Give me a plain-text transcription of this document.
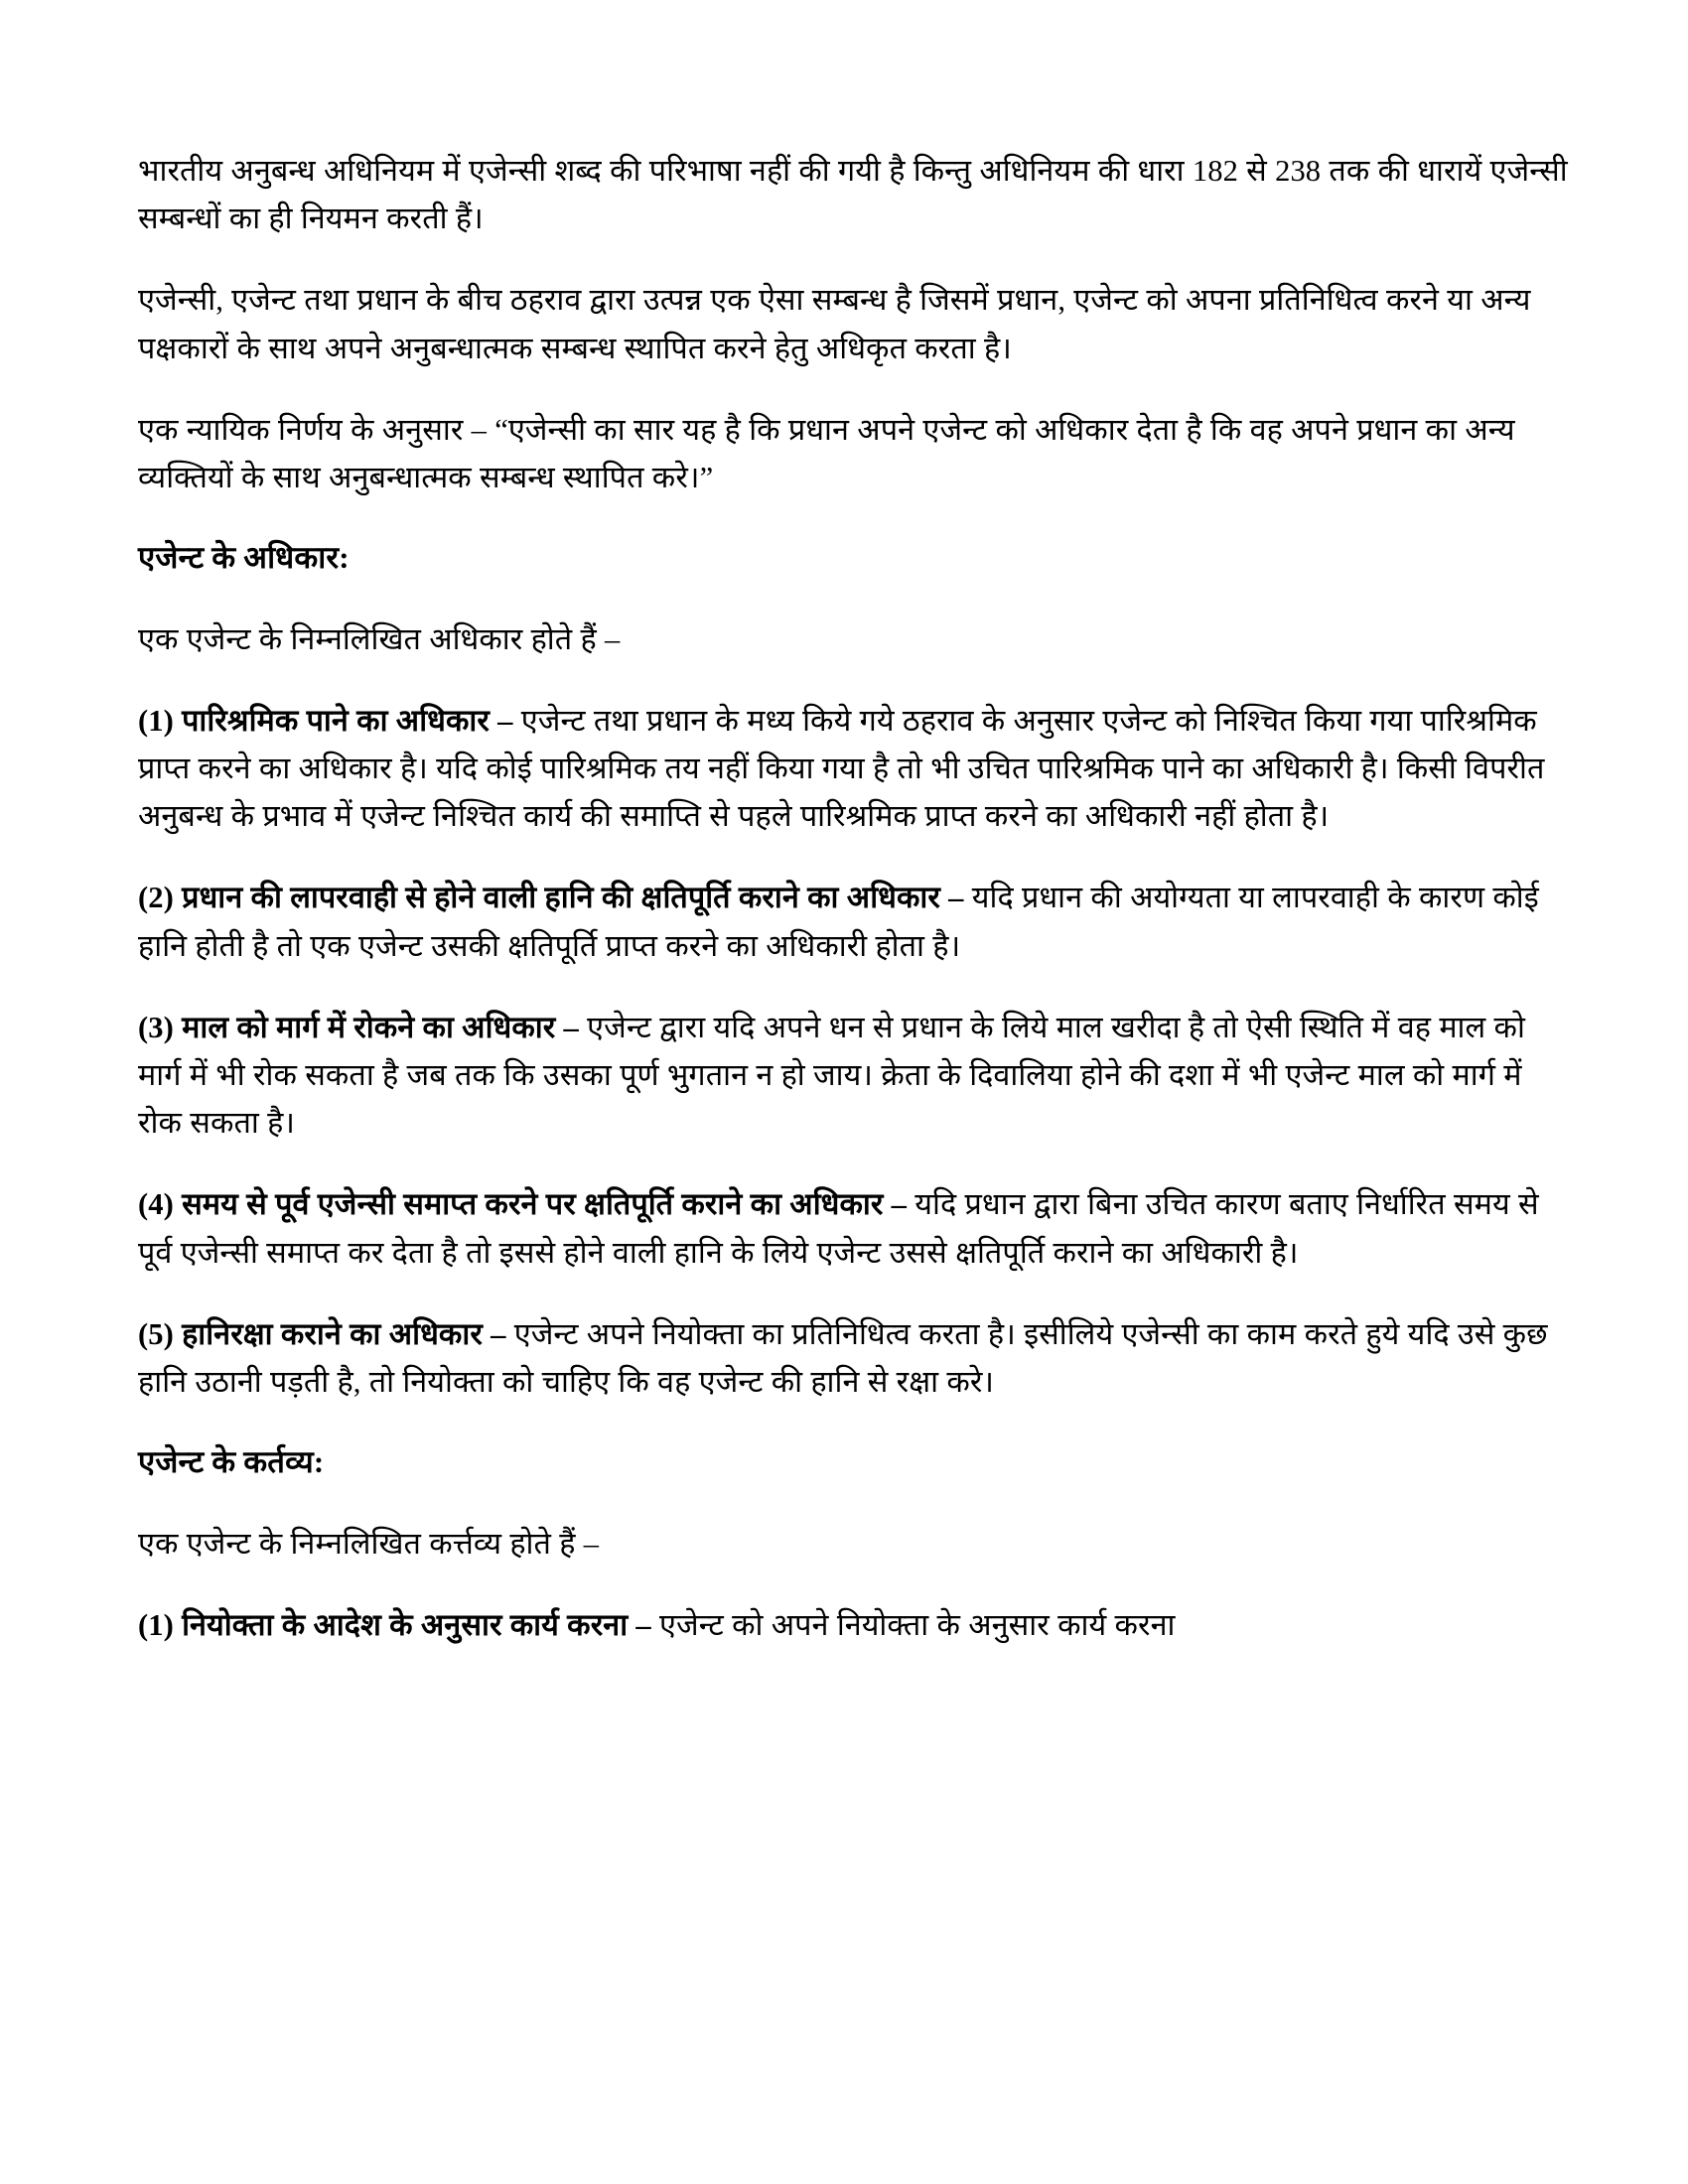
भारतीय अनुबन्ध अधिनियम में एजेन्सी शब्द की परिभाषा नहीं की गयी है किन्तु अधिनियम की धारा 182 से 238 तक की धारायें एजेन्सी सम्बन्धों का ही नियमन करती हैं।

एजेन्सी, एजेन्ट तथा प्रधान के बीच ठहराव द्वारा उत्पन्न एक ऐसा सम्बन्ध है जिसमें प्रधान, एजेन्ट को अपना प्रतिनिधित्व करने या अन्य पक्षकारों के साथ अपने अनुबन्धात्मक सम्बन्ध स्थापित करने हेतु अधिकृत करता है।

एक न्यायिक निर्णय के अनुसार – “एजेन्सी का सार यह है कि प्रधान अपने एजेन्ट को अधिकार देता है कि वह अपने प्रधान का अन्य व्यक्तियों के साथ अनुबन्धात्मक सम्बन्ध स्थापित करे।”

एजेन्ट के अधिकार:

एक एजेन्ट के निम्नलिखित अधिकार होते हैं –

(1) पारिश्रमिक पाने का अधिकार – एजेन्ट तथा प्रधान के मध्य किये गये ठहराव के अनुसार एजेन्ट को निश्चित किया गया पारिश्रमिक प्राप्त करने का अधिकार है। यदि कोई पारिश्रमिक तय नहीं किया गया है तो भी उचित पारिश्रमिक पाने का अधिकारी है। किसी विपरीत अनुबन्ध के प्रभाव में एजेन्ट निश्चित कार्य की समाप्ति से पहले पारिश्रमिक प्राप्त करने का अधिकारी नहीं होता है।

(2) प्रधान की लापरवाही से होने वाली हानि की क्षतिपूर्ति कराने का अधिकार – यदि प्रधान की अयोग्यता या लापरवाही के कारण कोई हानि होती है तो एक एजेन्ट उसकी क्षतिपूर्ति प्राप्त करने का अधिकारी होता है।

(3) माल को मार्ग में रोकने का अधिकार – एजेन्ट द्वारा यदि अपने धन से प्रधान के लिये माल खरीदा है तो ऐसी स्थिति में वह माल को मार्ग में भी रोक सकता है जब तक कि उसका पूर्ण भुगतान न हो जाय। क्रेता के दिवालिया होने की दशा में भी एजेन्ट माल को मार्ग में रोक सकता है।

(4) समय से पूर्व एजेन्सी समाप्त करने पर क्षतिपूर्ति कराने का अधिकार – यदि प्रधान द्वारा बिना उचित कारण बताए निर्धारित समय से पूर्व एजेन्सी समाप्त कर देता है तो इससे होने वाली हानि के लिये एजेन्ट उससे क्षतिपूर्ति कराने का अधिकारी है।

(5) हानिरक्षा कराने का अधिकार – एजेन्ट अपने नियोक्ता का प्रतिनिधित्व करता है। इसीलिये एजेन्सी का काम करते हुये यदि उसे कुछ हानि उठानी पड़ती है, तो नियोक्ता को चाहिए कि वह एजेन्ट की हानि से रक्षा करे।

एजेन्ट के कर्तव्य:

एक एजेन्ट के निम्नलिखित कर्त्तव्य होते हैं –

(1) नियोक्ता के आदेश के अनुसार कार्य करना – एजेन्ट को अपने नियोक्ता के अनुसार कार्य करना
